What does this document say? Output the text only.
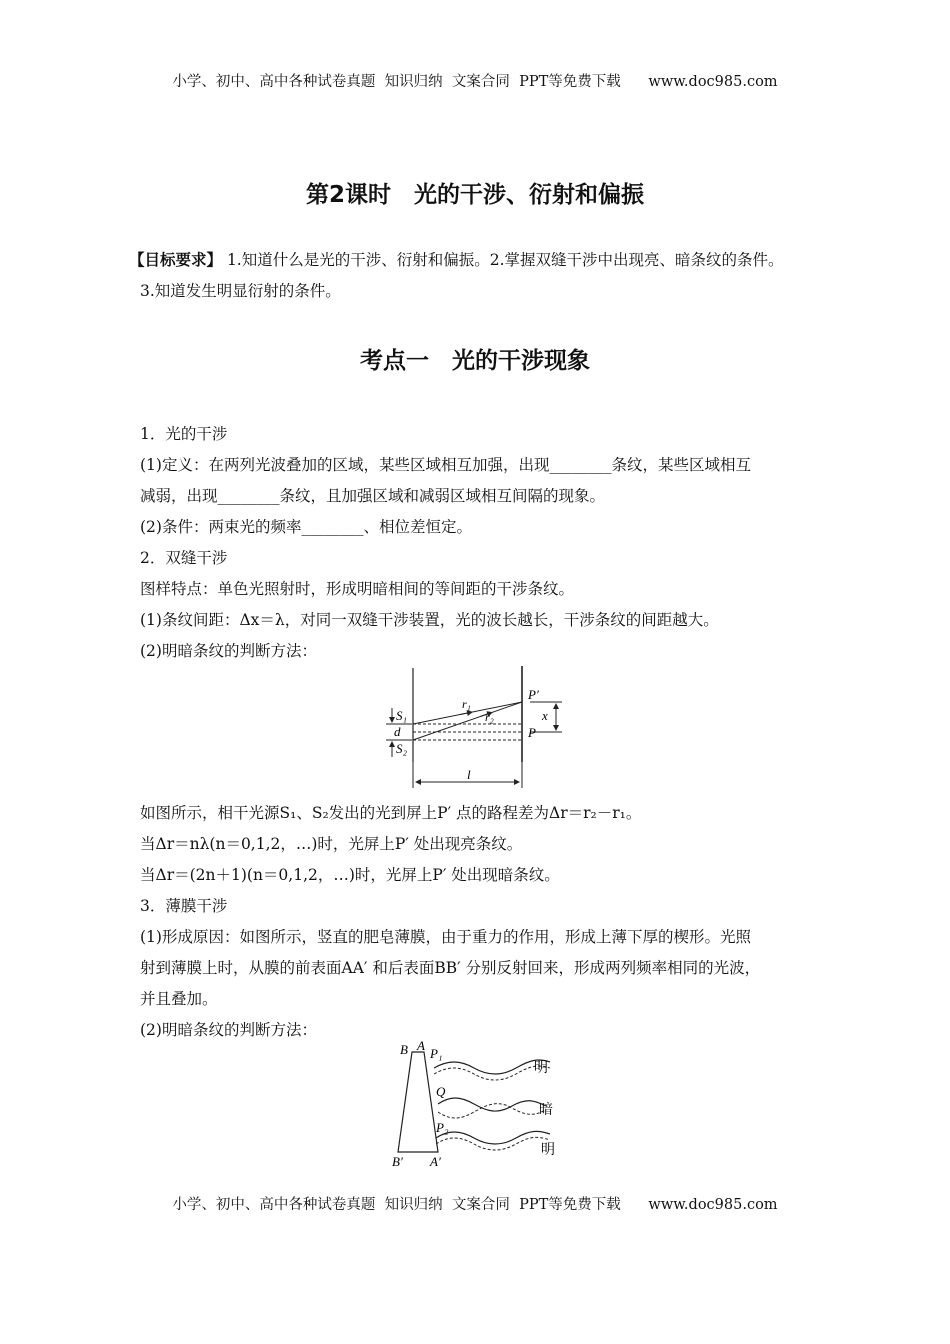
小学、初中、高中各种试卷真题  知识归纳  文案合同  PPT等免费下载      www.doc985.com
第2课时　光的干涉、衍射和偏振
【目标要求】 1.知道什么是光的干涉、衍射和偏振。2.掌握双缝干涉中出现亮、暗条纹的条件。
3.知道发生明显衍射的条件。
考点一　光的干涉现象
1．光的干涉
(1)定义：在两列光波叠加的区域，某些区域相互加强，出现________条纹，某些区域相互
减弱，出现________条纹，且加强区域和减弱区域相互间隔的现象。
(2)条件：两束光的频率________、相位差恒定。
2．双缝干涉
图样特点：单色光照射时，形成明暗相间的等间距的干涉条纹。
(1)条纹间距：Δx＝λ，对同一双缝干涉装置，光的波长越长，干涉条纹的间距越大。
(2)明暗条纹的判断方法：
S₁
S₂
d
r₁
r₂
P′
P
x
l
如图所示，相干光源S₁、S₂发出的光到屏上P′ 点的路程差为Δr＝r₂－r₁。
当Δr＝nλ(n＝0,1,2，…)时，光屏上P′ 处出现亮条纹。
当Δr＝(2n＋1)(n＝0,1,2，…)时，光屏上P′ 处出现暗条纹。
3．薄膜干涉
(1)形成原因：如图所示，竖直的肥皂薄膜，由于重力的作用，形成上薄下厚的楔形。光照
射到薄膜上时，从膜的前表面AA′ 和后表面BB′ 分别反射回来，形成两列频率相同的光波，
并且叠加。
(2)明暗条纹的判断方法：
B A
P₁
Q
P₂
B′ A′
明
暗
明
小学、初中、高中各种试卷真题  知识归纳  文案合同  PPT等免费下载      www.doc985.com
